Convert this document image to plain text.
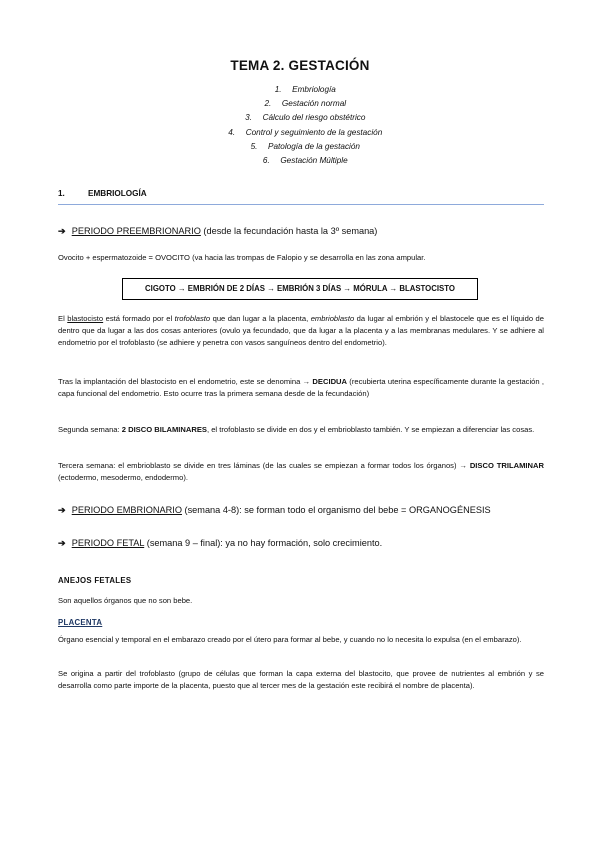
TEMA 2. GESTACIÓN
1. Embriología
2. Gestación normal
3. Cálculo del riesgo obstétrico
4. Control y seguimiento de la gestación
5. Patología de la gestación
6. Gestación Múltiple
1.	EMBRIOLOGÍA
➔ PERIODO PREEMBRIONARIO (desde la fecundación hasta la 3º semana)

Ovocito + espermatozoide = OVOCITO (va hacia las trompas de Falopio y se desarrolla en las zona ampular.

CIGOTO → EMBRIÓN DE 2 DÍAS → EMBRIÓN 3 DÍAS → MÓRULA → BLASTOCISTO

El blastocisto está formado por el trofoblasto que dan lugar a la placenta, embrioblasto da lugar al embrión y el blastocele que es el líquido de dentro que da lugar a las dos cosas anteriores (ovulo ya fecundado, que da lugar a la placenta y a las membranas medulares. Y se adhiere al endometrio por el trofoblasto (se adhiere y penetra con vasos sanguíneos dentro del endometrio).

Tras la implantación del blastocisto en el endometrio, este se denomina → DECIDUA (recubierta uterina específicamente durante la gestación , capa funcional del endometrio. Esto ocurre tras la primera semana desde de la fecundación)

Segunda semana: 2 DISCO BILAMINARES, el trofoblasto se divide en dos y el embrioblasto también. Y se empiezan a diferenciar las cosas.

Tercera semana: el embrioblasto se divide en tres láminas (de las cuales se empiezan a formar todos los órganos) → DISCO TRILAMINAR (ectodermo, mesodermo, endodermo).

➔ PERIODO EMBRIONARIO (semana 4-8): se forman todo el organismo del bebe = ORGANOGÉNESIS
➔ PERIODO FETAL (semana 9 – final): ya no hay formación, solo crecimiento.
ANEJOS FETALES

Son aquellos órganos que no son bebe.

PLACENTA

Órgano esencial y temporal en el embarazo creado por el útero para formar al bebe, y cuando no lo necesita lo expulsa (en el embarazo).

Se origina a partir del trofoblasto (grupo de células que forman la capa externa del blastocito, que provee de nutrientes al embrión y se desarrolla como parte importe de la placenta, puesto que al tercer mes de la gestación este recibirá el nombre de placenta).
